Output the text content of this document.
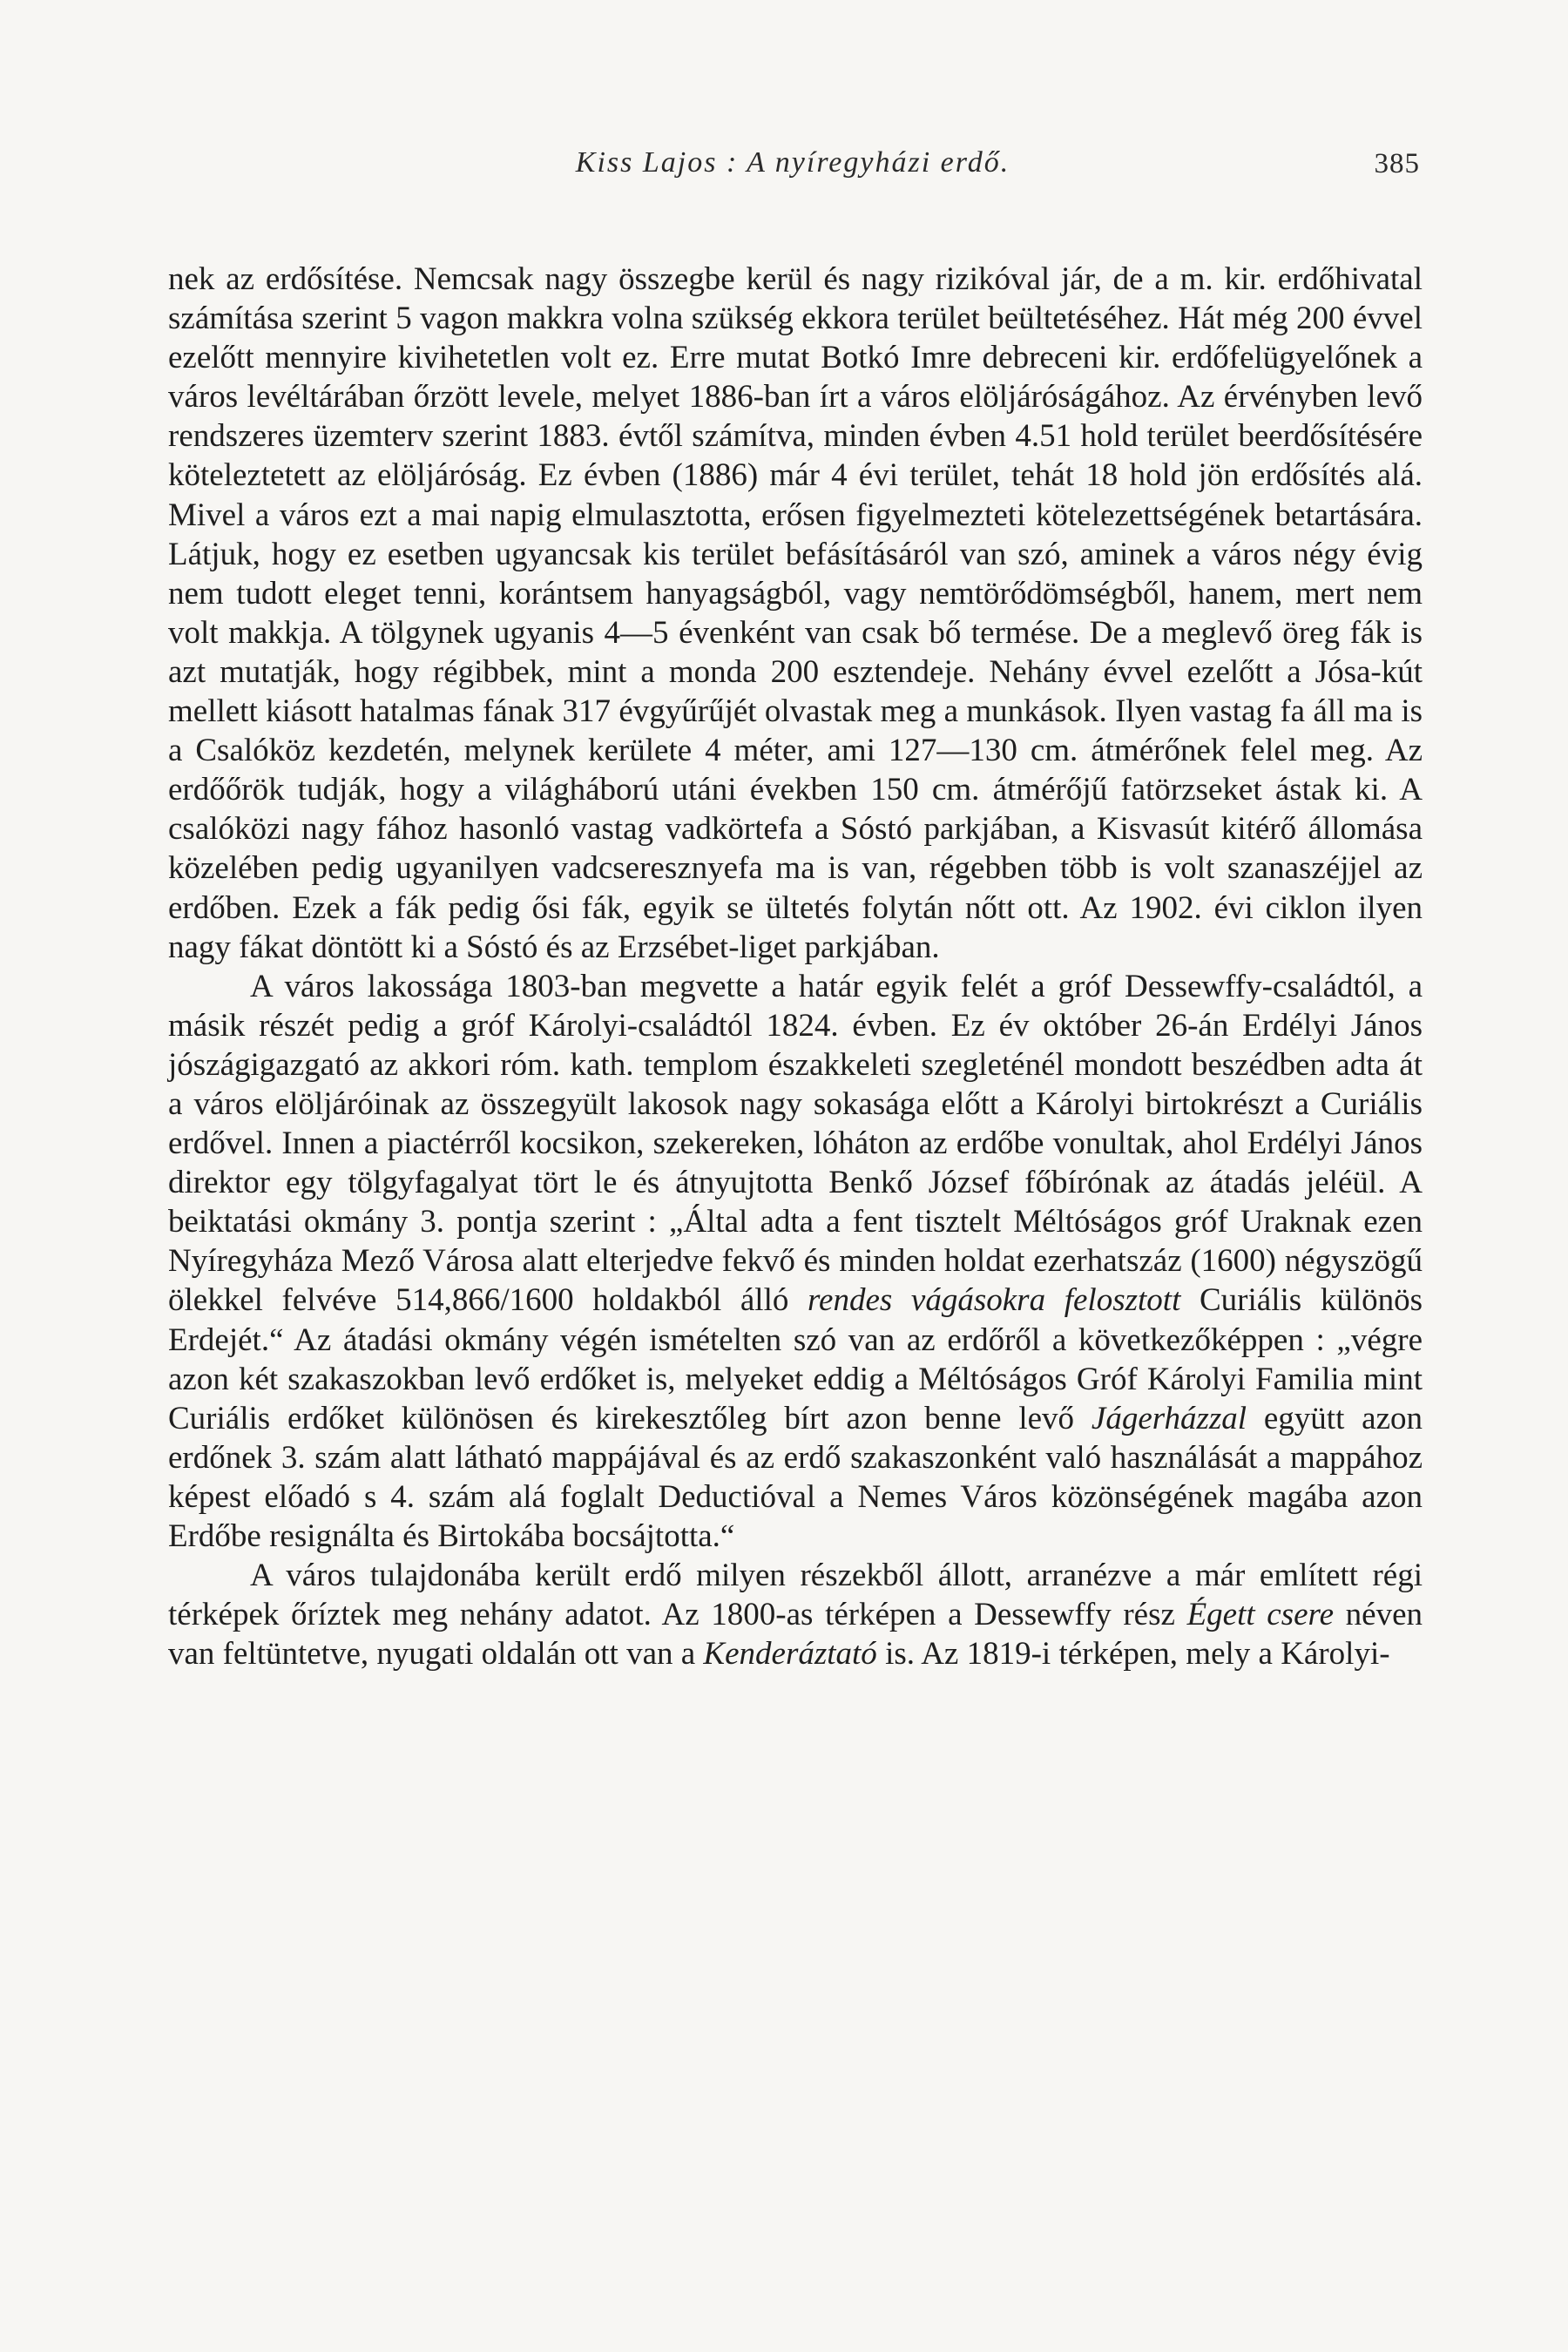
Kiss Lajos : A nyíregyházi erdő.	385

nek az erdősítése. Nemcsak nagy összegbe kerül és nagy rizikóval jár, de a m. kir. erdőhivatal számítása szerint 5 vagon makkra volna szükség ekkora terület beültetéséhez. Hát még 200 évvel ezelőtt mennyire kivihetetlen volt ez. Erre mutat Botkó Imre debreceni kir. erdőfelügyelőnek a város levéltárában őrzött levele, melyet 1886-ban írt a város elöljáróságához. Az érvényben levő rendszeres üzemterv szerint 1883. évtől számítva, minden évben 4.51 hold terület beerdősítésére köteleztetett az elöljáróság. Ez évben (1886) már 4 évi terület, tehát 18 hold jön erdősítés alá. Mivel a város ezt a mai napig elmulasztotta, erősen figyelmezteti kötelezettségének betartására. Látjuk, hogy ez esetben ugyancsak kis terület befásításáról van szó, aminek a város négy évig nem tudott eleget tenni, korántsem hanyagságból, vagy nemtörődömségből, hanem, mert nem volt makkja. A tölgynek ugyanis 4—5 évenként van csak bő termése. De a meglevő öreg fák is azt mutatják, hogy régibbek, mint a monda 200 esztendeje. Nehány évvel ezelőtt a Jósa-kút mellett kiásott hatalmas fának 317 évgyűrűjét olvastak meg a munkások. Ilyen vastag fa áll ma is a Csalóköz kezdetén, melynek kerülete 4 méter, ami 127—130 cm. átmérőnek felel meg. Az erdőőrök tudják, hogy a világháború utáni években 150 cm. átmérőjű fatörzseket ástak ki. A csalóközi nagy fához hasonló vastag vadkörtefa a Sóstó parkjában, a Kisvasút kitérő állomása közelében pedig ugyanilyen vadcseresznyefa ma is van, régebben több is volt szanaszéjjel az erdőben. Ezek a fák pedig ősi fák, egyik se ültetés folytán nőtt ott. Az 1902. évi ciklon ilyen nagy fákat döntött ki a Sóstó és az Erzsébet-liget parkjában.

A város lakossága 1803-ban megvette a határ egyik felét a gróf Dessewffy-családtól, a másik részét pedig a gróf Károlyi-családtól 1824. évben. Ez év október 26-án Erdélyi János jószágigazgató az akkori róm. kath. templom északkeleti szegleténél mondott beszédben adta át a város elöljáróinak az összegyült lakosok nagy sokasága előtt a Károlyi birtokrészt a Curiális erdővel. Innen a piactérről kocsikon, szekereken, lóháton az erdőbe vonultak, ahol Erdélyi János direktor egy tölgyfagalyat tört le és átnyujtotta Benkő József főbírónak az átadás jeléül. A beiktatási okmány 3. pontja szerint : „Által adta a fent tisztelt Méltóságos gróf Uraknak ezen Nyíregyháza Mező Városa alatt elterjedve fekvő és minden holdat ezerhatszáz (1600) négyszögű ölekkel felvéve 514,866/1600 holdakból álló rendes vágásokra felosztott Curiális különös Erdejét.“ Az átadási okmány végén ismételten szó van az erdőről a következőképpen : „végre azon két szakaszokban levő erdőket is, melyeket eddig a Méltóságos Gróf Károlyi Familia mint Curiális erdőket különösen és kirekesztőleg bírt azon benne levő Jágerházzal együtt azon erdőnek 3. szám alatt látható mappájával és az erdő szakaszonként való használását a mappához képest előadó s 4. szám alá foglalt Deductióval a Nemes Város közönségének magába azon Erdőbe resignálta és Birtokába bocsájtotta.“

A város tulajdonába került erdő milyen részekből állott, arranézve a már említett régi térképek őríztek meg nehány adatot. Az 1800-as térképen a Dessewffy rész Égett csere néven van feltüntetve, nyugati oldalán ott van a Kenderáztató is. Az 1819-i térképen, mely a Károlyi-
